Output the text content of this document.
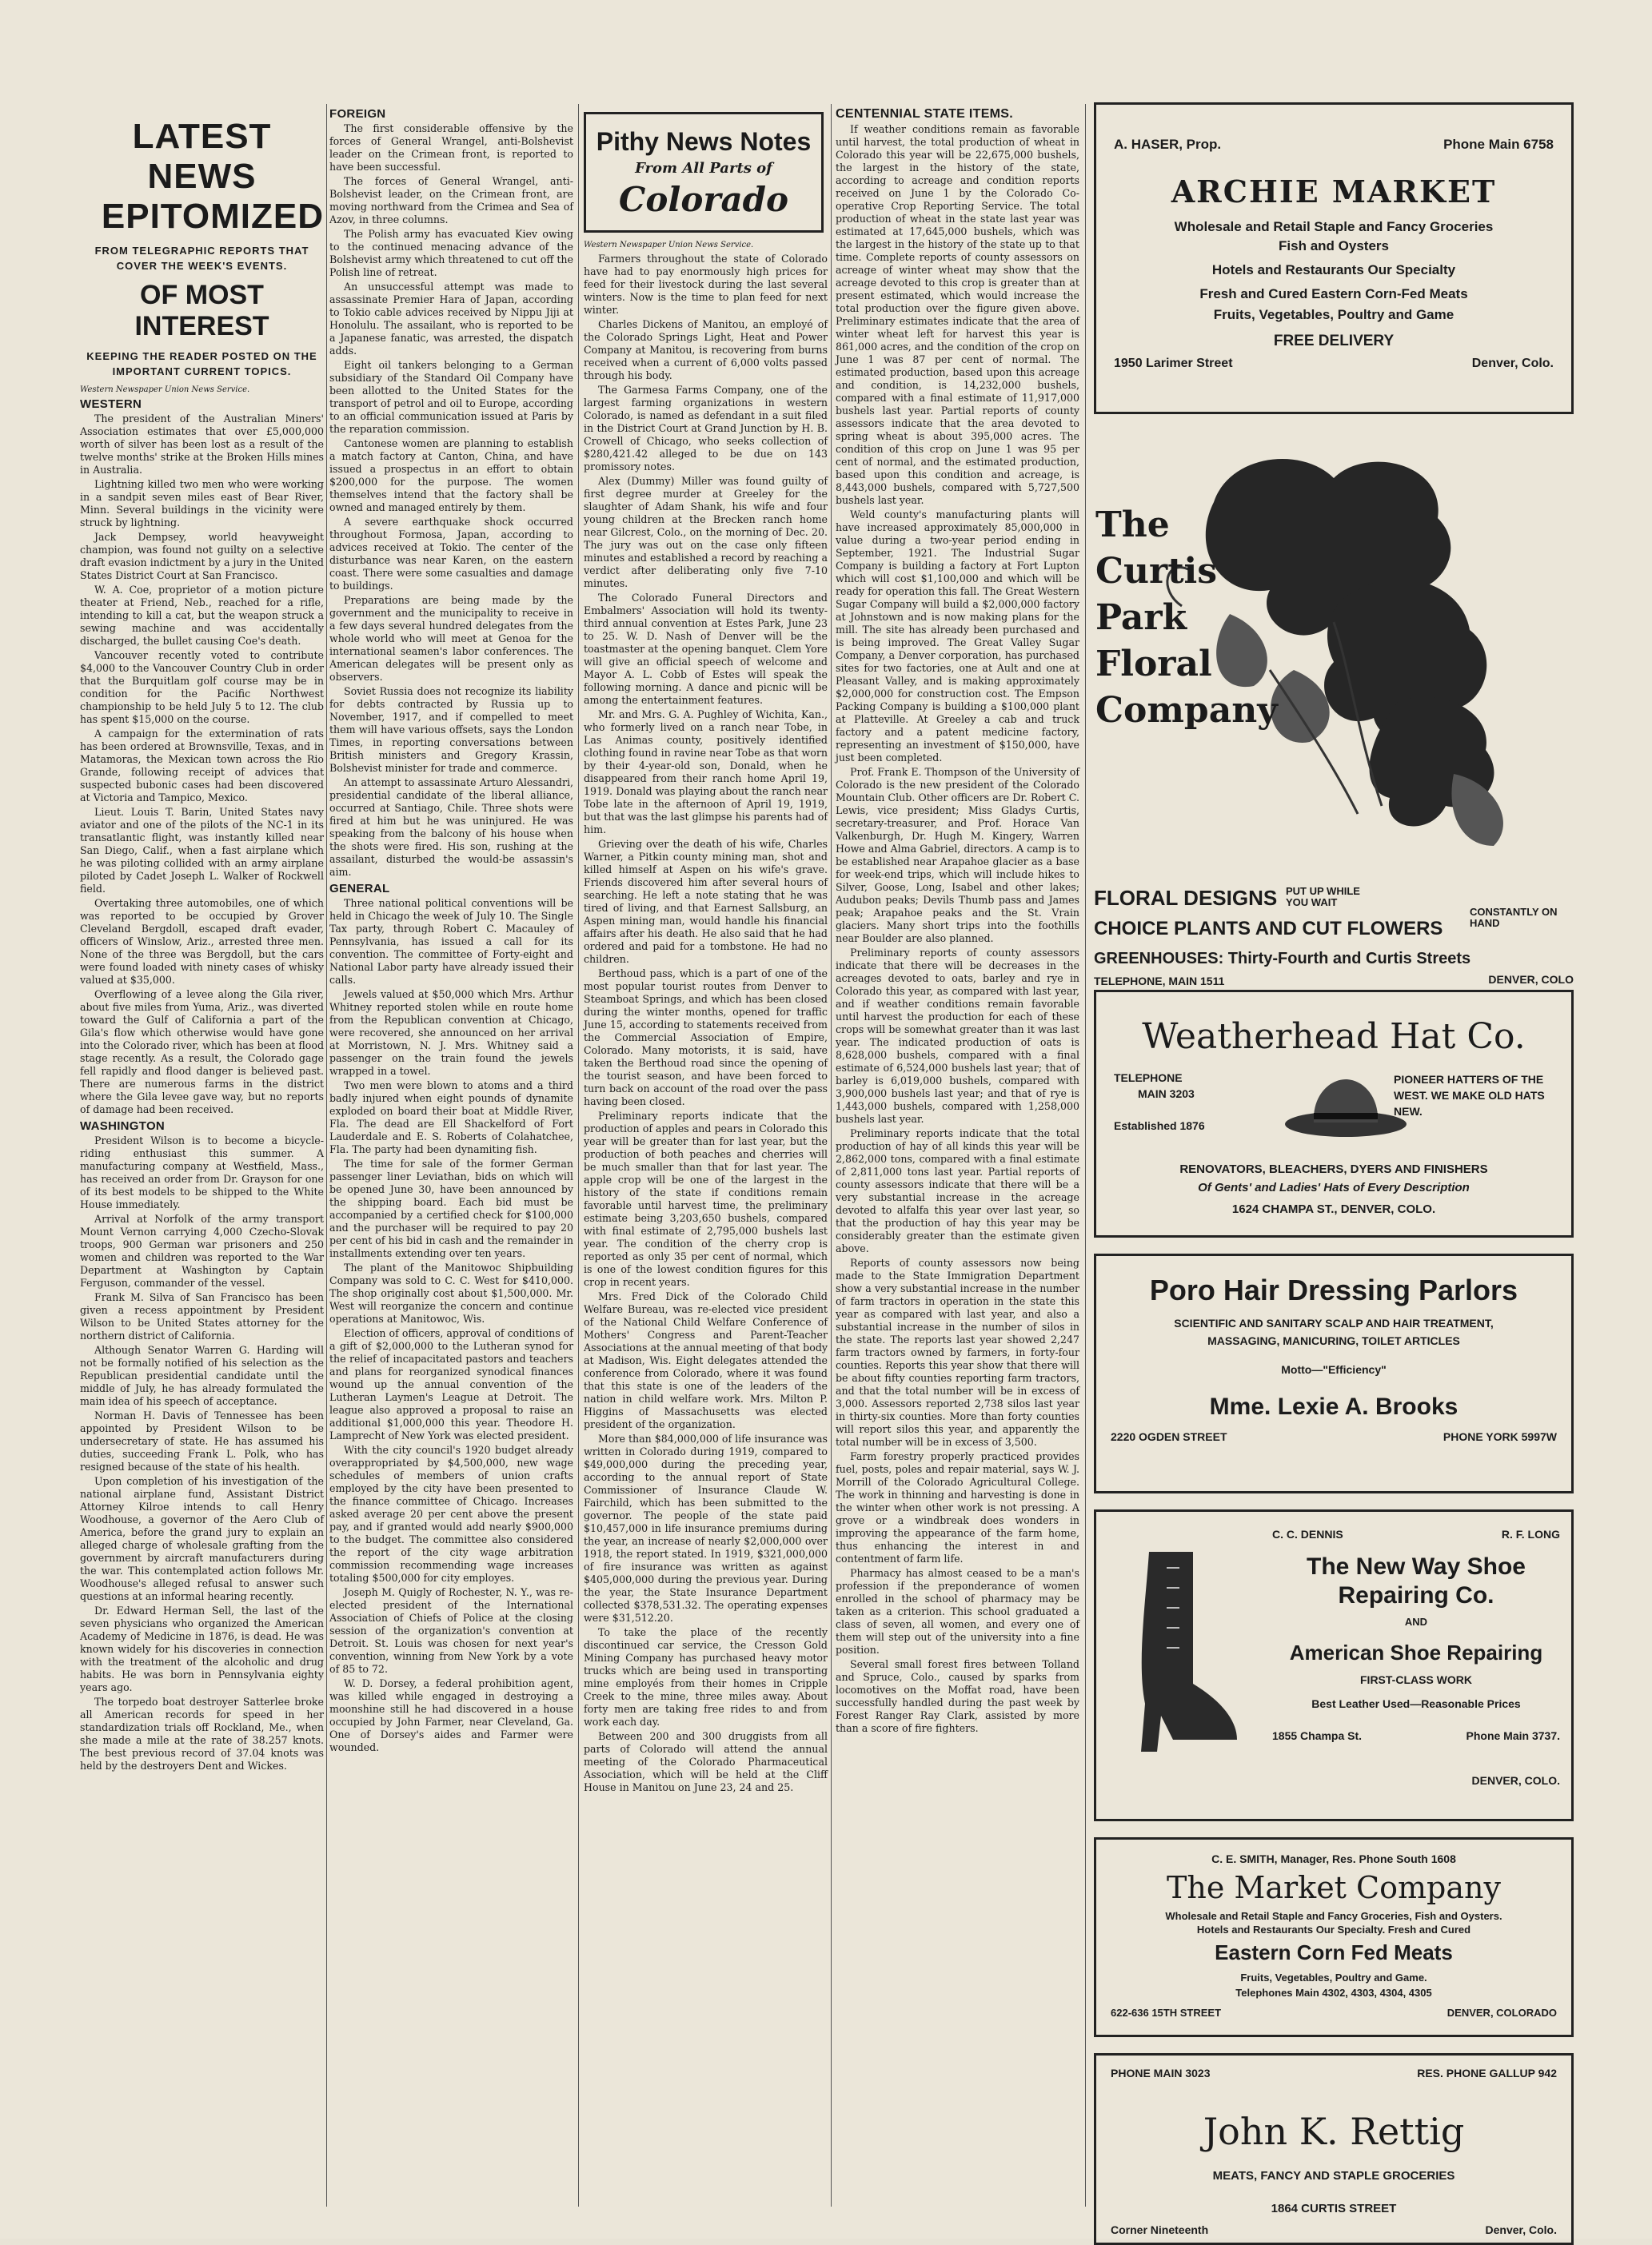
LATEST NEWS
EPITOMIZED
FROM TELEGRAPHIC REPORTS THAT COVER THE WEEK'S EVENTS.
OF MOST INTEREST
KEEPING THE READER POSTED ON THE IMPORTANT CURRENT TOPICS.
Western Newspaper Union News Service.
WESTERN

The president of the Australian Miners' Association estimates that over £5,000,000 worth of silver has been lost as a result of the twelve months' strike at the Broken Hills mines in Australia.

Lightning killed two men who were working in a sandpit seven miles east of Bear River, Minn. Several buildings in the vicinity were struck by lightning.

Jack Dempsey, world heavyweight champion, was found not guilty on a selective draft evasion indictment by a jury in the United States District Court at San Francisco.

W. A. Coe, proprietor of a motion picture theater at Friend, Neb., reached for a rifle, intending to kill a cat, but the weapon struck a sewing machine and was accidentally discharged, the bullet causing Coe's death.

Vancouver recently voted to contribute $4,000 to the Vancouver Country Club in order that the Burquitlam golf course may be in condition for the Pacific Northwest championship to be held July 5 to 12. The club has spent $15,000 on the course.

A campaign for the extermination of rats has been ordered at Brownsville, Texas, and in Matamoras, the Mexican town across the Rio Grande, following receipt of advices that suspected bubonic cases had been discovered at Victoria and Tampico, Mexico.

Lieut. Louis T. Barin, United States navy aviator and one of the pilots of the NC-1 in its transatlantic flight, was instantly killed near San Diego, Calif., when a fast airplane which he was piloting collided with an army airplane piloted by Cadet Joseph L. Walker of Rockwell field.

Overtaking three automobiles, one of which was reported to be occupied by Grover Cleveland Bergdoll, escaped draft evader, officers of Winslow, Ariz., arrested three men. None of the three was Bergdoll, but the cars were found loaded with ninety cases of whisky valued at $35,000.

Overflowing of a levee along the Gila river, about five miles from Yuma, Ariz., was diverted toward the Gulf of California a part of the Gila's flow which otherwise would have gone into the Colorado river, which has been at flood stage recently. As a result, the Colorado gage fell rapidly and flood danger is believed past. There are numerous farms in the district where the Gila levee gave way, but no reports of damage had been received.

WASHINGTON

President Wilson is to become a bicycle-riding enthusiast this summer. A manufacturing company at Westfield, Mass., has received an order from Dr. Grayson for one of its best models to be shipped to the White House immediately.

Arrival at Norfolk of the army transport Mount Vernon carrying 4,000 Czecho-Slovak troops, 900 German war prisoners and 250 women and children was reported to the War Department at Washington by Captain Ferguson, commander of the vessel.

Frank M. Silva of San Francisco has been given a recess appointment by President Wilson to be United States attorney for the northern district of California.

Although Senator Warren G. Harding will not be formally notified of his selection as the Republican presidential candidate until the middle of July, he has already formulated the main idea of his speech of acceptance.

Norman H. Davis of Tennessee has been appointed by President Wilson to be undersecretary of state. He has assumed his duties, succeeding Frank L. Polk, who has resigned because of the state of his health.

Upon completion of his investigation of the national airplane fund, Assistant District Attorney Kilroe intends to call Henry Woodhouse, a governor of the Aero Club of America, before the grand jury to explain an alleged charge of wholesale grafting from the government by aircraft manufacturers during the war. This contemplated action follows Mr. Woodhouse's alleged refusal to answer such questions at an informal hearing recently.

Dr. Edward Herman Sell, the last of the seven physicians who organized the American Academy of Medicine in 1876, is dead. He was known widely for his discoveries in connection with the treatment of the alcoholic and drug habits. He was born in Pennsylvania eighty years ago.

The torpedo boat destroyer Satterlee broke all American records for speed in her standardization trials off Rockland, Me., when she made a mile at the rate of 38.257 knots. The best previous record of 37.04 knots was held by the destroyers Dent and Wickes.

FOREIGN

The first considerable offensive by the forces of General Wrangel, anti-Bolshevist leader on the Crimean front, is reported to have been successful.

The forces of General Wrangel, anti-Bolshevist leader, on the Crimean front, are moving northward from the Crimea and Sea of Azov, in three columns.

The Polish army has evacuated Kiev owing to the continued menacing advance of the Bolshevist army which threatened to cut off the Polish line of retreat.

An unsuccessful attempt was made to assassinate Premier Hara of Japan, according to Tokio cable advices received by Nippu Jiji at Honolulu. The assailant, who is reported to be a Japanese fanatic, was arrested, the dispatch adds.

Eight oil tankers belonging to a German subsidiary of the Standard Oil Company have been allotted to the United States for the transport of petrol and oil to Europe, according to an official communication issued at Paris by the reparation commission.

Cantonese women are planning to establish a match factory at Canton, China, and have issued a prospectus in an effort to obtain $200,000 for the purpose. The women themselves intend that the factory shall be owned and managed entirely by them.

A severe earthquake shock occurred throughout Formosa, Japan, according to advices received at Tokio. The center of the disturbance was near Karen, on the eastern coast. There were some casualties and damage to buildings.

Preparations are being made by the government and the municipality to receive in a few days several hundred delegates from the whole world who will meet at Genoa for the international seamen's labor conferences. The American delegates will be present only as observers.

Soviet Russia does not recognize its liability for debts contracted by Russia up to November, 1917, and if compelled to meet them will have various offsets, says the London Times, in reporting conversations between British ministers and Gregory Krassin, Bolshevist minister for trade and commerce.

An attempt to assassinate Arturo Alessandri, presidential candidate of the liberal alliance, occurred at Santiago, Chile. Three shots were fired at him but he was uninjured. He was speaking from the balcony of his house when the shots were fired. His son, rushing at the assailant, disturbed the would-be assassin's aim.

GENERAL

Three national political conventions will be held in Chicago the week of July 10. The Single Tax party, through Robert C. Macauley of Pennsylvania, has issued a call for its convention. The committee of Forty-eight and National Labor party have already issued their calls.

Jewels valued at $50,000 which Mrs. Arthur Whitney reported stolen while en route home from the Republican convention at Chicago, were recovered, she announced on her arrival at Morristown, N. J. Mrs. Whitney said a passenger on the train found the jewels wrapped in a towel.

Two men were blown to atoms and a third badly injured when eight pounds of dynamite exploded on board their boat at Middle River, Fla. The dead are Ell Shackelford of Fort Lauderdale and E. S. Roberts of Colahatchee, Fla. The party had been dynamiting fish.

The time for sale of the former German passenger liner Leviathan, bids on which will be opened June 30, have been announced by the shipping board. Each bid must be accompanied by a certified check for $100,000 and the purchaser will be required to pay 20 per cent of his bid in cash and the remainder in installments extending over ten years.

The plant of the Manitowoc Shipbuilding Company was sold to C. C. West for $410,000. The shop originally cost about $1,500,000. Mr. West will reorganize the concern and continue operations at Manitowoc, Wis.

Election of officers, approval of conditions of a gift of $2,000,000 to the Lutheran synod for the relief of incapacitated pastors and teachers and plans for reorganized synodical finances wound up the annual convention of the Lutheran Laymen's League at Detroit. The league also approved a proposal to raise an additional $1,000,000 this year. Theodore H. Lamprecht of New York was elected president.

With the city council's 1920 budget already overappropriated by $4,500,000, new wage schedules of members of union crafts employed by the city have been presented to the finance committee of Chicago. Increases asked average 20 per cent above the present pay, and if granted would add nearly $900,000 to the budget. The committee also considered the report of the city wage arbitration commission recommending wage increases totaling $500,000 for city employes.

Joseph M. Quigly of Rochester, N. Y., was re-elected president of the International Association of Chiefs of Police at the closing session of the organization's convention at Detroit. St. Louis was chosen for next year's convention, winning from New York by a vote of 85 to 72.

W. D. Dorsey, a federal prohibition agent, was killed while engaged in destroying a moonshine still he had discovered in a house occupied by John Farmer, near Cleveland, Ga. One of Dorsey's aides and Farmer were wounded.

Pithy News Notes
From All Parts of
Colorado
Western Newspaper Union News Service.

Farmers throughout the state of Colorado have had to pay enormously high prices for feed for their livestock during the last several winters. Now is the time to plan feed for next winter.

Charles Dickens of Manitou, an employé of the Colorado Springs Light, Heat and Power Company at Manitou, is recovering from burns received when a current of 6,000 volts passed through his body.

The Garmesa Farms Company, one of the largest farming organizations in western Colorado, is named as defendant in a suit filed in the District Court at Grand Junction by H. B. Crowell of Chicago, who seeks collection of $280,421.42 alleged to be due on 143 promissory notes.

Alex (Dummy) Miller was found guilty of first degree murder at Greeley for the slaughter of Adam Shank, his wife and four young children at the Brecken ranch home near Gilcrest, Colo., on the morning of Dec. 20. The jury was out on the case only fifteen minutes and established a record by reaching a verdict after deliberating only five 7-10 minutes.

The Colorado Funeral Directors and Embalmers' Association will hold its twenty-third annual convention at Estes Park, June 23 to 25. W. D. Nash of Denver will be the toastmaster at the opening banquet. Clem Yore will give an official speech of welcome and Mayor A. L. Cobb of Estes will speak the following morning. A dance and picnic will be among the entertainment features.

Mr. and Mrs. G. A. Pughley of Wichita, Kan., who formerly lived on a ranch near Tobe, in Las Animas county, positively identified clothing found in ravine near Tobe as that worn by their 4-year-old son, Donald, when he disappeared from their ranch home April 19, 1919. Donald was playing about the ranch near Tobe late in the afternoon of April 19, 1919, but that was the last glimpse his parents had of him.

Grieving over the death of his wife, Charles Warner, a Pitkin county mining man, shot and killed himself at Aspen on his wife's grave. Friends discovered him after several hours of searching. He left a note stating that he was tired of living, and that Earnest Sallsburg, an Aspen mining man, would handle his financial affairs after his death. He also said that he had ordered and paid for a tombstone. He had no children.

Berthoud pass, which is a part of one of the most popular tourist routes from Denver to Steamboat Springs, and which has been closed during the winter months, opened for traffic June 15, according to statements received from the Commercial Association of Empire, Colorado. Many motorists, it is said, have taken the Berthoud road since the opening of the tourist season, and have been forced to turn back on account of the road over the pass having been closed.

Preliminary reports indicate that the production of apples and pears in Colorado this year will be greater than for last year, but the production of both peaches and cherries will be much smaller than that for last year. The apple crop will be one of the largest in the history of the state if conditions remain favorable until harvest time, the preliminary estimate being 3,203,650 bushels, compared with final estimate of 2,795,000 bushels last year. The condition of the cherry crop is reported as only 35 per cent of normal, which is one of the lowest condition figures for this crop in recent years.

Mrs. Fred Dick of the Colorado Child Welfare Bureau, was re-elected vice president of the National Child Welfare Conference of Mothers' Congress and Parent-Teacher Associations at the annual meeting of that body at Madison, Wis. Eight delegates attended the conference from Colorado, where it was found that this state is one of the leaders of the nation in child welfare work. Mrs. Milton P. Higgins of Massachusetts was elected president of the organization.

More than $84,000,000 of life insurance was written in Colorado during 1919, compared to $49,000,000 during the preceding year, according to the annual report of State Commissioner of Insurance Claude W. Fairchild, which has been submitted to the governor. The people of the state paid $10,457,000 in life insurance premiums during the year, an increase of nearly $2,000,000 over 1918, the report stated. In 1919, $321,000,000 of fire insurance was written as against $405,000,000 during the previous year. During the year, the State Insurance Department collected $378,531.32. The operating expenses were $31,512.20.

To take the place of the recently discontinued car service, the Cresson Gold Mining Company has purchased heavy motor trucks which are being used in transporting mine employés from their homes in Cripple Creek to the mine, three miles away. About forty men are taking free rides to and from work each day.

Between 200 and 300 druggists from all parts of Colorado will attend the annual meeting of the Colorado Pharmaceutical Association, which will be held at the Cliff House in Manitou on June 23, 24 and 25.

CENTENNIAL STATE ITEMS.

If weather conditions remain as favorable until harvest, the total production of wheat in Colorado this year will be 22,675,000 bushels, the largest in the history of the state, according to acreage and condition reports received on June 1 by the Colorado Co-operative Crop Reporting Service. The total production of wheat in the state last year was estimated at 17,645,000 bushels, which was the largest in the history of the state up to that time. Complete reports of county assessors on acreage of winter wheat may show that the acreage devoted to this crop is greater than at present estimated, which would increase the total production over the figure given above. Preliminary estimates indicate that the area of winter wheat left for harvest this year is 861,000 acres, and the condition of the crop on June 1 was 87 per cent of normal. The estimated production, based upon this acreage and condition, is 14,232,000 bushels, compared with a final estimate of 11,917,000 bushels last year. Partial reports of county assessors indicate that the area devoted to spring wheat is about 395,000 acres. The condition of this crop on June 1 was 95 per cent of normal, and the estimated production, based upon this condition and acreage, is 8,443,000 bushels, compared with 5,727,500 bushels last year.

Weld county's manufacturing plants will have increased approximately 85,000,000 in value during a two-year period ending in September, 1921. The Industrial Sugar Company is building a factory at Fort Lupton which will cost $1,100,000 and which will be ready for operation this fall. The Great Western Sugar Company will build a $2,000,000 factory at Johnstown and is now making plans for the mill. The site has already been purchased and is being improved. The Great Valley Sugar Company, a Denver corporation, has purchased sites for two factories, one at Ault and one at Pleasant Valley, and is making approximately $2,000,000 for construction cost. The Empson Packing Company is building a $100,000 plant at Platteville. At Greeley a cab and truck factory and a patent medicine factory, representing an investment of $150,000, have just been completed.

Prof. Frank E. Thompson of the University of Colorado is the new president of the Colorado Mountain Club. Other officers are Dr. Robert C. Lewis, vice president; Miss Gladys Curtis, secretary-treasurer, and Prof. Horace Van Valkenburgh, Dr. Hugh M. Kingery, Warren Howe and Alma Gabriel, directors. A camp is to be established near Arapahoe glacier as a base for week-end trips, which will include hikes to Silver, Goose, Long, Isabel and other lakes; Audubon peaks; Devils Thumb pass and James peak; Arapahoe peaks and the St. Vrain glaciers. Many short trips into the foothills near Boulder are also planned.

Preliminary reports of county assessors indicate that there will be decreases in the acreages devoted to oats, barley and rye in Colorado this year, as compared with last year, and if weather conditions remain favorable until harvest the production for each of these crops will be somewhat greater than it was last year. The indicated production of oats is 8,628,000 bushels, compared with a final estimate of 6,524,000 bushels last year; that of barley is 6,019,000 bushels, compared with 3,900,000 bushels last year; and that of rye is 1,443,000 bushels, compared with 1,258,000 bushels last year.

Preliminary reports indicate that the total production of hay of all kinds this year will be 2,862,000 tons, compared with a final estimate of 2,811,000 tons last year. Partial reports of county assessors indicate that there will be a very substantial increase in the acreage devoted to alfalfa this year over last year, so that the production of hay this year may be considerably greater than the estimate given above.

Reports of county assessors now being made to the State Immigration Department show a very substantial increase in the number of farm tractors in operation in the state this year as compared with last year, and also a substantial increase in the number of silos in the state. The reports last year showed 2,247 farm tractors owned by farmers, in forty-four counties. Reports this year show that there will be about fifty counties reporting farm tractors, and that the total number will be in excess of 3,000. Assessors reported 2,738 silos last year in thirty-six counties. More than forty counties will report silos this year, and apparently the total number will be in excess of 3,500.

Farm forestry properly practiced provides fuel, posts, poles and repair material, says W. J. Morrill of the Colorado Agricultural College. The work in thinning and harvesting is done in the winter when other work is not pressing. A grove or a windbreak does wonders in improving the appearance of the farm home, thus enhancing the interest in and contentment of farm life.

Pharmacy has almost ceased to be a man's profession if the preponderance of women enrolled in the school of pharmacy may be taken as a criterion. This school graduated a class of seven, all women, and every one of them will step out of the university into a fine position.

Several small forest fires between Tolland and Spruce, Colo., caused by sparks from locomotives on the Moffat road, have been successfully handled during the past week by Forest Ranger Ray Clark, assisted by more than a score of fire fighters.

A. HASER, Prop.	Phone Main 6758
ARCHIE MARKET
Wholesale and Retail Staple and Fancy Groceries
Fish and Oysters
Hotels and Restaurants Our Specialty
Fresh and Cured Eastern Corn-Fed Meats
Fruits, Vegetables, Poultry and Game
FREE DELIVERY
1950 Larimer Street	Denver, Colo.
The
Curtis
Park
Floral
Company
FLORAL DESIGNS PUT UP WHILE YOU WAIT
CHOICE PLANTS AND CUT FLOWERS
CONSTANTLY ON HAND
GREENHOUSES: Thirty-Fourth and Curtis Streets
TELEPHONE, MAIN 1511	DENVER, COLO
Weatherhead Hat Co.
TELEPHONE
MAIN 3203
Established 1876
PIONEER HATTERS OF THE WEST. WE MAKE OLD HATS NEW.
RENOVATORS, BLEACHERS, DYERS AND FINISHERS
Of Gents' and Ladies' Hats of Every Description
1624 CHAMPA ST., DENVER, COLO.
Poro Hair Dressing Parlors
SCIENTIFIC AND SANITARY SCALP AND HAIR TREATMENT,
MASSAGING, MANICURING, TOILET ARTICLES
Motto—"Efficiency"
Mme. Lexie A. Brooks
2220 OGDEN STREET	PHONE YORK 5997W
C. C. DENNIS	R. F. LONG
The New Way Shoe
Repairing Co.
AND
American Shoe Repairing
FIRST-CLASS WORK
Best Leather Used—Reasonable Prices
1855 Champa St.	Phone Main 3737.
DENVER, COLO.
C. E. SMITH, Manager, Res. Phone South 1608
The Market Company
Wholesale and Retail Staple and Fancy Groceries, Fish and Oysters.
Hotels and Restaurants Our Specialty. Fresh and Cured
Eastern Corn Fed Meats
Fruits, Vegetables, Poultry and Game.
Telephones Main 4302, 4303, 4304, 4305
622-636 15TH STREET	DENVER, COLORADO
PHONE MAIN 3023	RES. PHONE GALLUP 942
John K. Rettig
MEATS, FANCY AND STAPLE GROCERIES
1864 CURTIS STREET
Corner Nineteenth	Denver, Colo.
